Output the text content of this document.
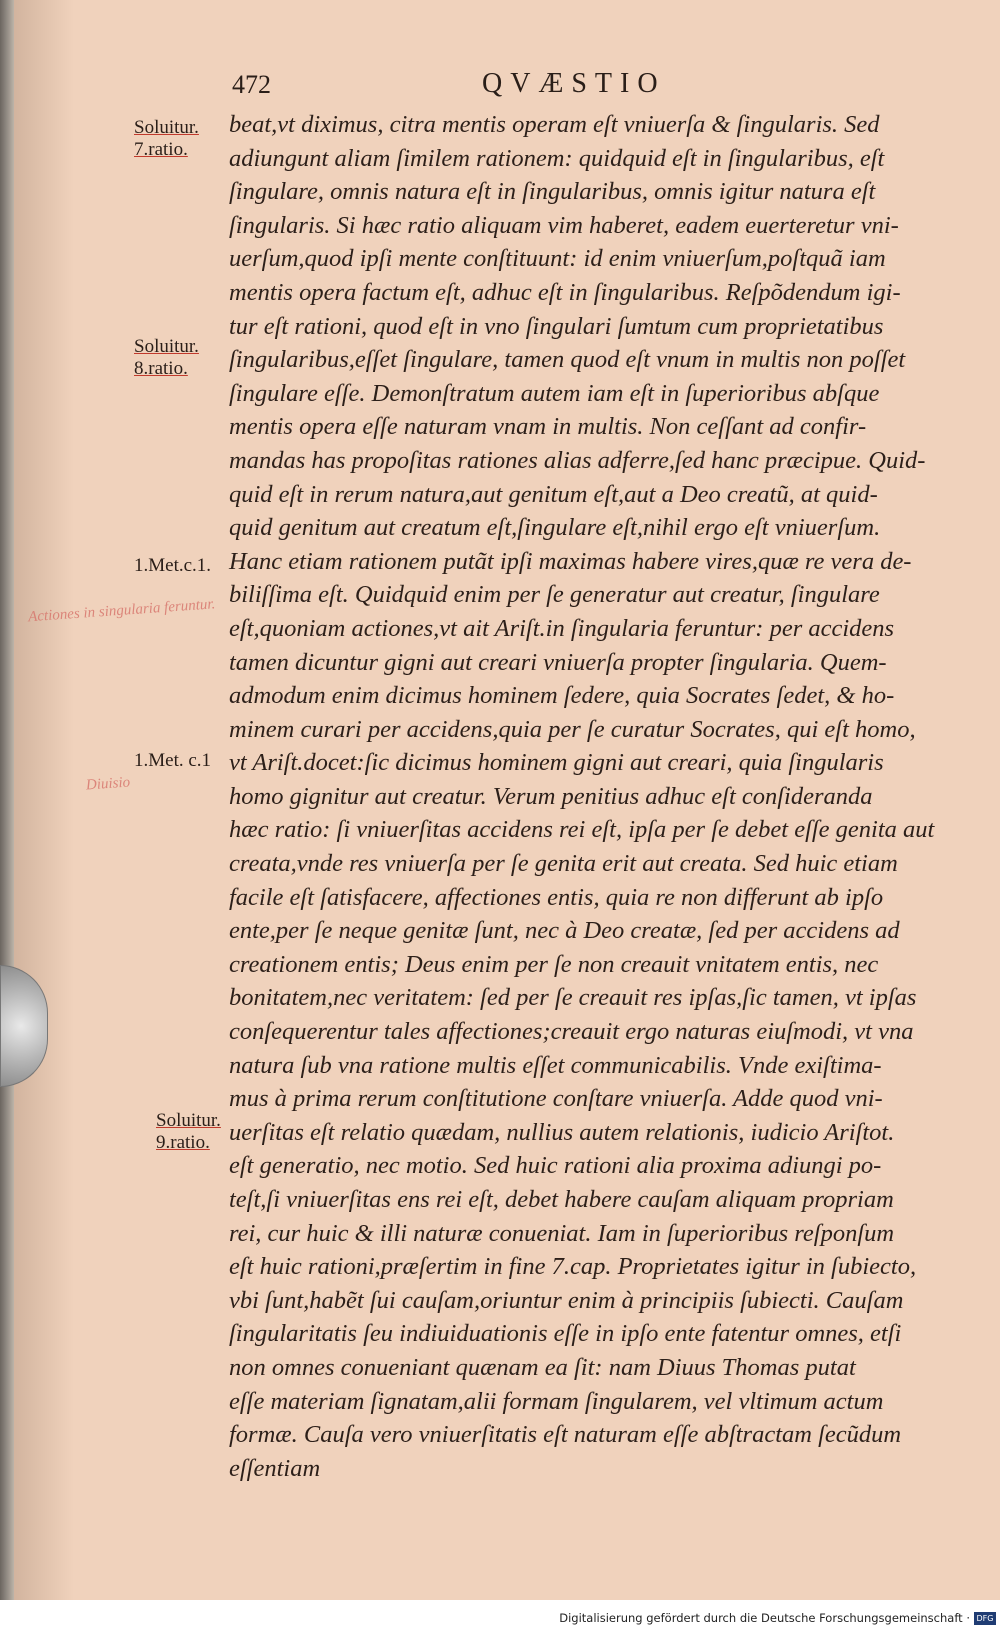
472	QVÆSTIO
Soluitur.
7.ratio.
Soluitur.
8.ratio.
1.Met.c.1.
1.Met. c.1
Soluitur.
9.ratio.
Actiones in singularia feruntur.
Diuisio
beat,vt diximus, citra mentis operam eſt vniuerſa & ſingularis. Sed
adiungunt aliam ſimilem rationem: quidquid eſt in ſingularibus, eſt
ſingulare, omnis natura eſt in ſingularibus, omnis igitur natura eſt
ſingularis. Si hæc ratio aliquam vim haberet, eadem euerteretur vni-
uerſum,quod ipſi mente conſtituunt: id enim vniuerſum,poſtquã iam
mentis opera factum eſt, adhuc eſt in ſingularibus. Reſpõdendum igi-
tur eſt rationi, quod eſt in vno ſingulari ſumtum cum proprietatibus
ſingularibus,eſſet ſingulare, tamen quod eſt vnum in multis non poſſet
ſingulare eſſe. Demonſtratum autem iam eſt in ſuperioribus abſque
mentis opera eſſe naturam vnam in multis. Non ceſſant ad confir-
mandas has propoſitas rationes alias adferre,ſed hanc præcipue. Quid-
quid eſt in rerum natura,aut genitum eſt,aut a Deo creatũ, at quid-
quid genitum aut creatum eſt,ſingulare eſt,nihil ergo eſt vniuerſum.
Hanc etiam rationem putãt ipſi maximas habere vires,quæ re vera de-
biliſſima eſt. Quidquid enim per ſe generatur aut creatur, ſingulare
eſt,quoniam actiones,vt ait Ariſt.in ſingularia feruntur: per accidens
tamen dicuntur gigni aut creari vniuerſa propter ſingularia. Quem-
admodum enim dicimus hominem ſedere, quia Socrates ſedet, & ho-
minem curari per accidens,quia per ſe curatur Socrates, qui eſt homo,
vt Ariſt.docet:ſic dicimus hominem gigni aut creari, quia ſingularis
homo gignitur aut creatur. Verum penitius adhuc eſt conſideranda
hæc ratio: ſi vniuerſitas accidens rei eſt, ipſa per ſe debet eſſe genita aut
creata,vnde res vniuerſa per ſe genita erit aut creata. Sed huic etiam
facile eſt ſatisfacere, affectiones entis, quia re non differunt ab ipſo
ente,per ſe neque genitæ ſunt, nec à Deo creatæ, ſed per accidens ad
creationem entis; Deus enim per ſe non creauit vnitatem entis, nec
bonitatem,nec veritatem: ſed per ſe creauit res ipſas,ſic tamen, vt ipſas
conſequerentur tales affectiones;creauit ergo naturas eiuſmodi, vt vna
natura ſub vna ratione multis eſſet communicabilis. Vnde exiſtima-
mus à prima rerum conſtitutione conſtare vniuerſa. Adde quod vni-
uerſitas eſt relatio quædam, nullius autem relationis, iudicio Ariſtot.
eſt generatio, nec motio. Sed huic rationi alia proxima adiungi po-
teſt,ſi vniuerſitas ens rei eſt, debet habere cauſam aliquam propriam
rei, cur huic & illi naturæ conueniat. Iam in ſuperioribus reſponſum
eſt huic rationi,præſertim in fine 7.cap. Proprietates igitur in ſubiecto,
vbi ſunt,habẽt ſui cauſam,oriuntur enim à principiis ſubiecti. Cauſam
ſingularitatis ſeu indiuiduationis eſſe in ipſo ente fatentur omnes, etſi
non omnes conueniant quænam ea ſit: nam Diuus Thomas putat
eſſe materiam ſignatam,alii formam ſingularem, vel vltimum actum
formæ. Cauſa vero vniuerſitatis eſt naturam eſſe abſtractam ſecũdum
eſſentiam
Digitalisierung gefördert durch die Deutsche Forschungsgemeinschaft · DFG
